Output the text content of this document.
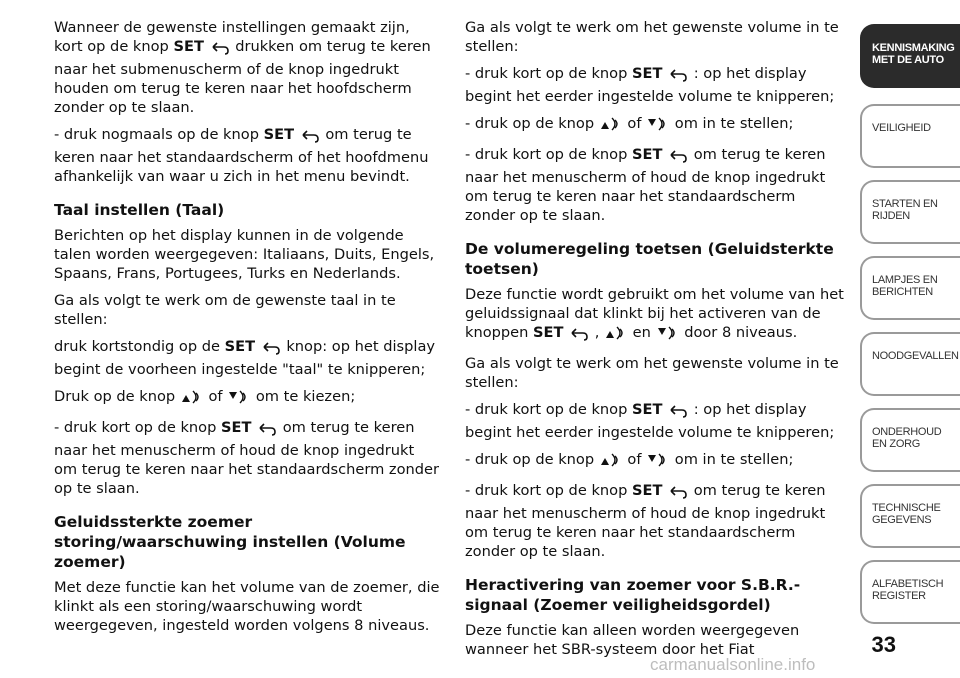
Wanneer de gewenste instellingen gemaakt zijn, kort op de knop SET drukken om terug te keren naar het submenuscherm of de knop ingedrukt houden om terug te keren naar het hoofdscherm zonder op te slaan.

- druk nogmaals op de knop SET om terug te keren naar het standaardscherm of het hoofdmenu afhankelijk van waar u zich in het menu bevindt.

Taal instellen (Taal)

Berichten op het display kunnen in de volgende talen worden weergegeven: Italiaans, Duits, Engels, Spaans, Frans, Portugees, Turks en Nederlands.

Ga als volgt te werk om de gewenste taal in te stellen:

druk kortstondig op de SET knop: op het display begint de voorheen ingestelde "taal" te knipperen;

Druk op de knop of om te kiezen;

- druk kort op de knop SET om terug te keren naar het menuscherm of houd de knop ingedrukt om terug te keren naar het standaardscherm zonder op te slaan.

Geluidssterkte zoemer storing/waarschuwing instellen (Volume zoemer)

Met deze functie kan het volume van de zoemer, die klinkt als een storing/waarschuwing wordt weergegeven, ingesteld worden volgens 8 niveaus.

Ga als volgt te werk om het gewenste volume in te stellen:

- druk kort op de knop SET : op het display begint het eerder ingestelde volume te knipperen;

- druk op de knop of om in te stellen;

- druk kort op de knop SET om terug te keren naar het menuscherm of houd de knop ingedrukt om terug te keren naar het standaardscherm zonder op te slaan.

De volumeregeling toetsen (Geluidsterkte toetsen)

Deze functie wordt gebruikt om het volume van het geluidssignaal dat klinkt bij het activeren van de knoppen SET , en door 8 niveaus.

Ga als volgt te werk om het gewenste volume in te stellen:

- druk kort op de knop SET : op het display begint het eerder ingestelde volume te knipperen;

- druk op de knop of om in te stellen;

- druk kort op de knop SET om terug te keren naar het menuscherm of houd de knop ingedrukt om terug te keren naar het standaardscherm zonder op te slaan.

Heractivering van zoemer voor S.B.R.-signaal (Zoemer veiligheidsgordel)

Deze functie kan alleen worden weergegeven wanneer het SBR-systeem door het Fiat

KENNISMAKING MET DE AUTO
VEILIGHEID
STARTEN EN RIJDEN
LAMPJES EN BERICHTEN
NOODGEVALLEN
ONDERHOUD EN ZORG
TECHNISCHE GEGEVENS
ALFABETISCH REGISTER
33
carmanualsonline.info
